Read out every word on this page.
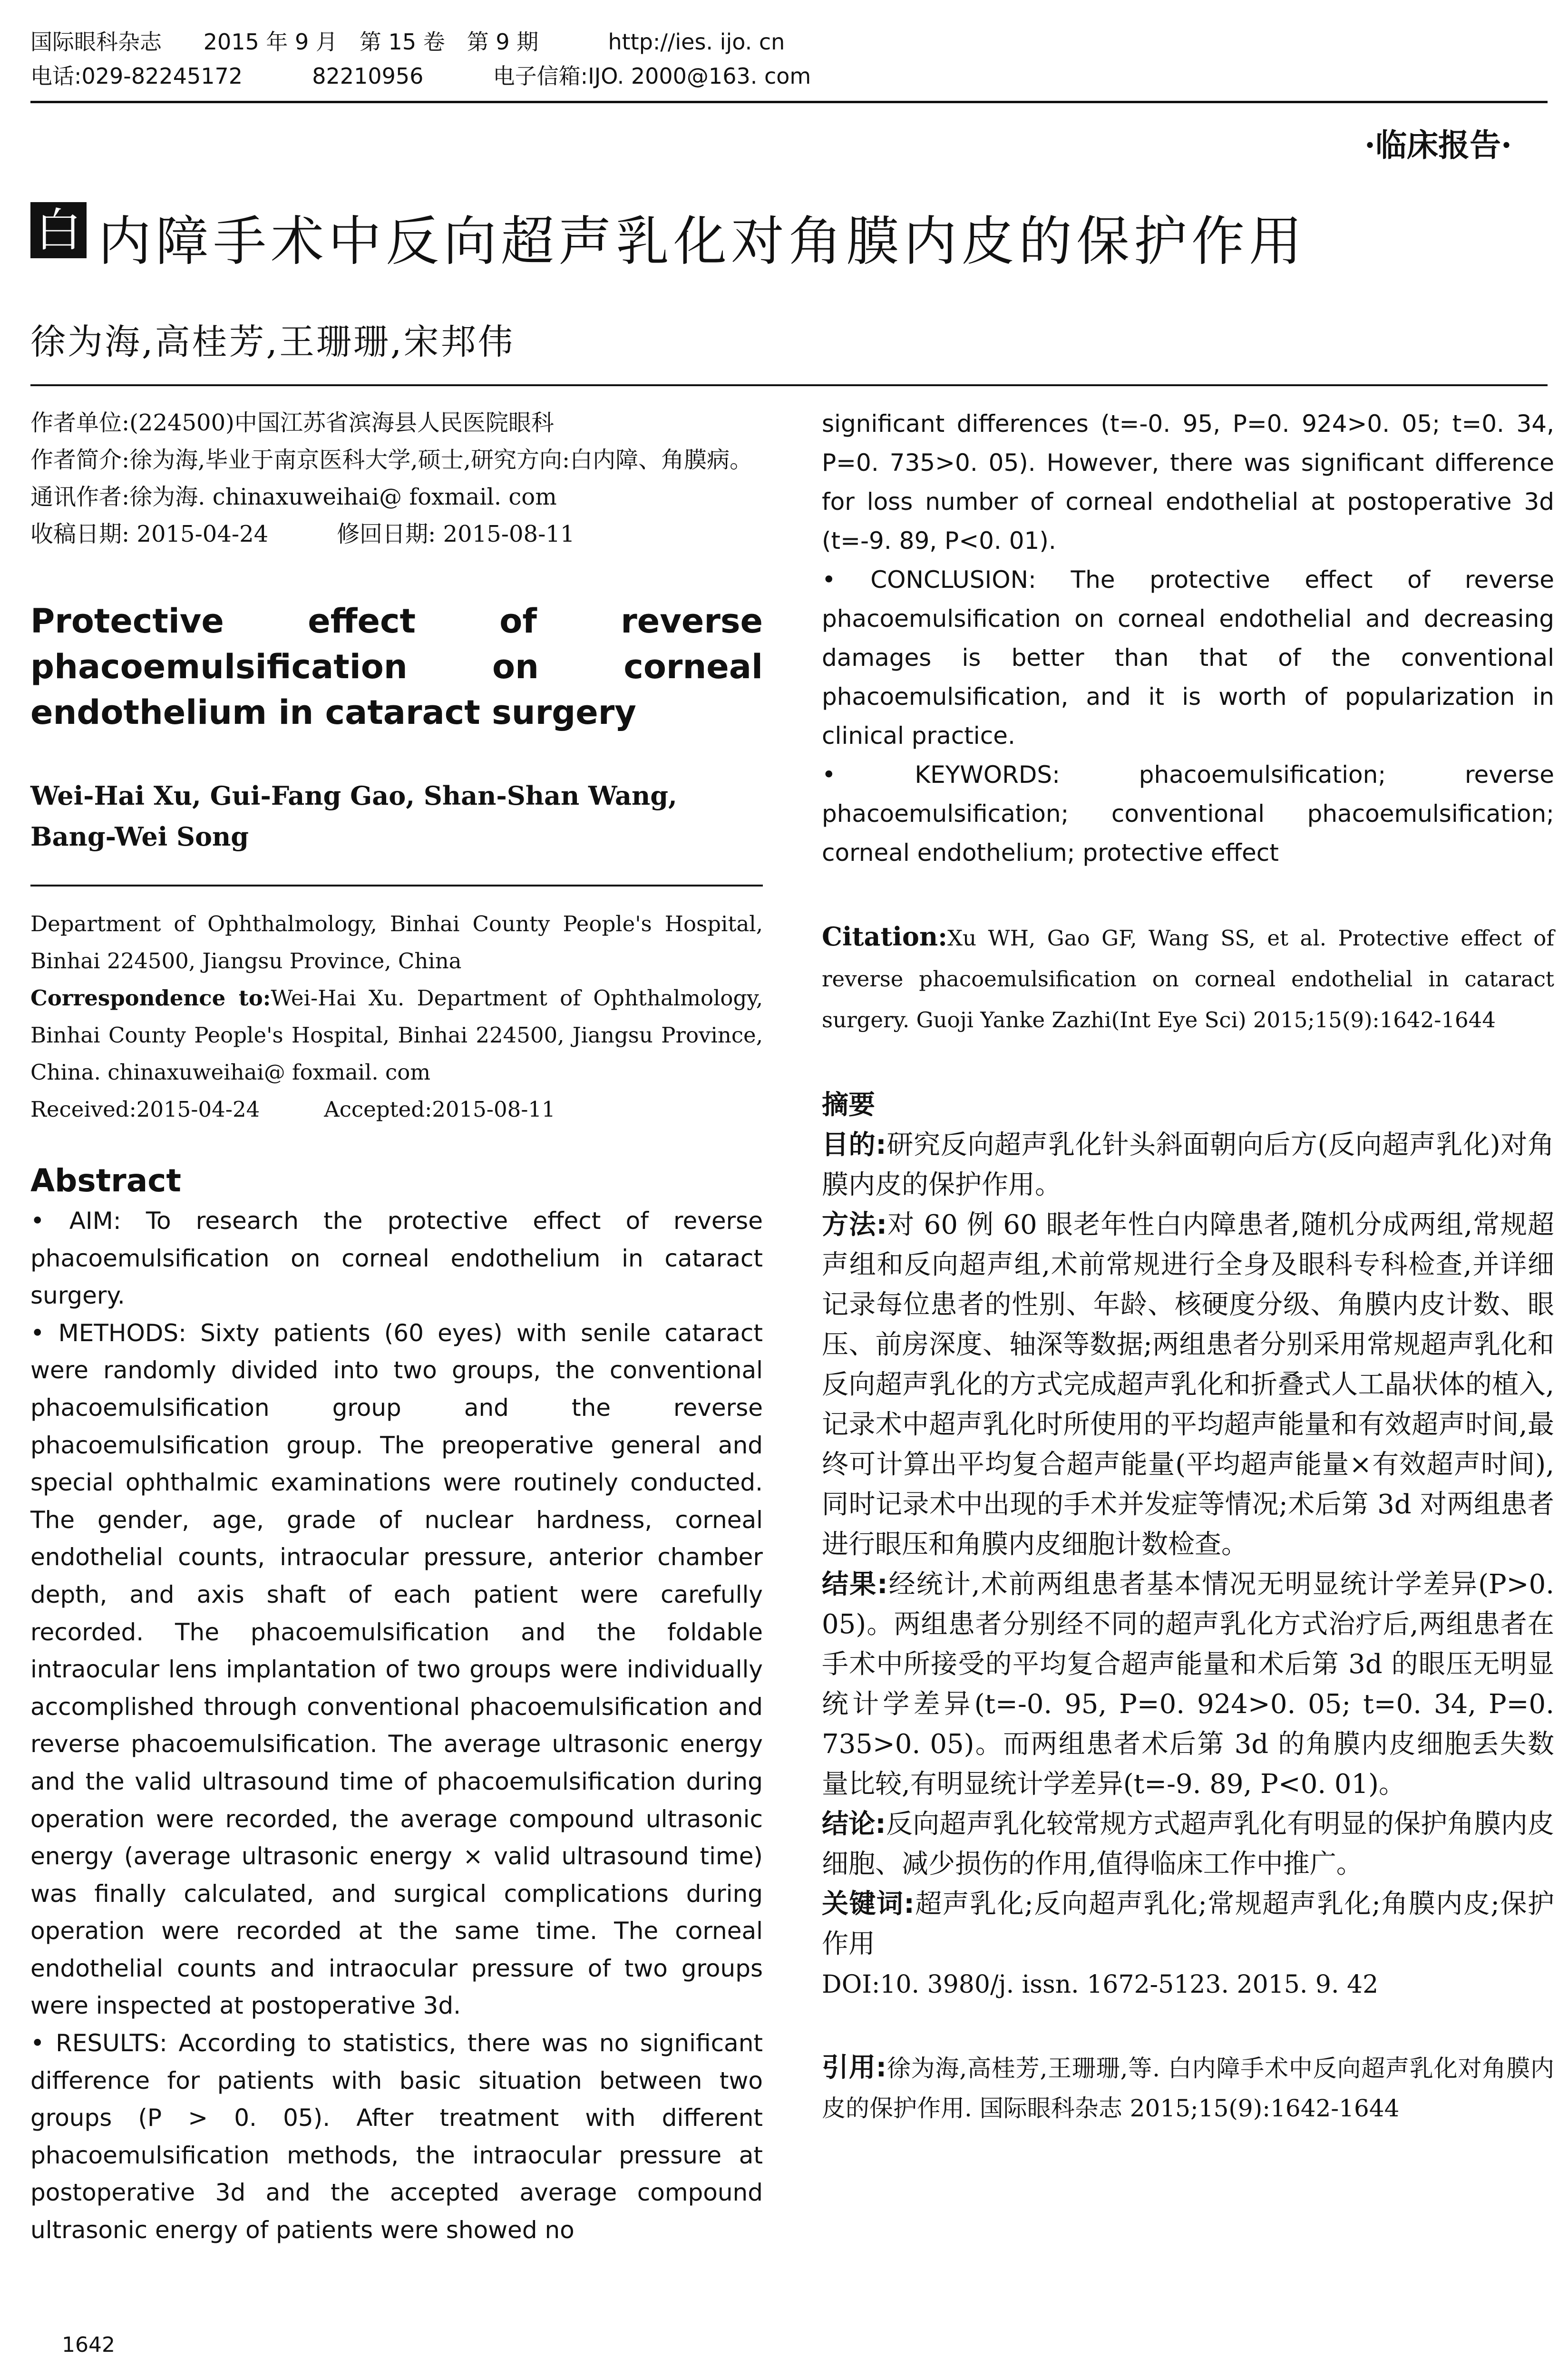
国际眼科杂志 2015 年 9 月　第 15 卷　第 9 期	http://ies. ijo. cn
电话:029-82245172	82210956	电子信箱:IJO. 2000@163. com
·临床报告·
白 内障手术中反向超声乳化对角膜内皮的保护作用
徐为海,高桂芳,王珊珊,宋邦伟

作者单位:(224500)中国江苏省滨海县人民医院眼科

作者简介:徐为海,毕业于南京医科大学,硕士,研究方向:白内障、角膜病。

通讯作者:徐为海. chinaxuweihai@ foxmail. com

收稿日期: 2015-04-24　　　修回日期: 2015-08-11

Protective effect of reverse phacoemulsification on corneal endothelium in cataract surgery

Wei-Hai Xu, Gui-Fang Gao, Shan-Shan Wang, Bang-Wei Song

Department of Ophthalmology, Binhai County People's Hospital, Binhai 224500, Jiangsu Province, China

Correspondence to:Wei-Hai Xu. Department of Ophthalmology, Binhai County People's Hospital, Binhai 224500, Jiangsu Province, China. chinaxuweihai@ foxmail. com

Received:2015-04-24　　　Accepted:2015-08-11

Abstract

• AIM: To research the protective effect of reverse phacoemulsification on corneal endothelium in cataract surgery.

• METHODS: Sixty patients (60 eyes) with senile cataract were randomly divided into two groups, the conventional phacoemulsification group and the reverse phacoemulsification group. The preoperative general and special ophthalmic examinations were routinely conducted. The gender, age, grade of nuclear hardness, corneal endothelial counts, intraocular pressure, anterior chamber depth, and axis shaft of each patient were carefully recorded. The phacoemulsification and the foldable intraocular lens implantation of two groups were individually accomplished through conventional phacoemulsification and reverse phacoemulsification. The average ultrasonic energy and the valid ultrasound time of phacoemulsification during operation were recorded, the average compound ultrasonic energy (average ultrasonic energy × valid ultrasound time) was finally calculated, and surgical complications during operation were recorded at the same time. The corneal endothelial counts and intraocular pressure of two groups were inspected at postoperative 3d.

• RESULTS: According to statistics, there was no significant difference for patients with basic situation between two groups (P > 0. 05). After treatment with different phacoemulsification methods, the intraocular pressure at postoperative 3d and the accepted average compound ultrasonic energy of patients were showed no

significant differences (t=-0. 95, P=0. 924>0. 05; t=0. 34, P=0. 735>0. 05). However, there was significant difference for loss number of corneal endothelial at postoperative 3d (t=-9. 89, P<0. 01).

• CONCLUSION: The protective effect of reverse phacoemulsification on corneal endothelial and decreasing damages is better than that of the conventional phacoemulsification, and it is worth of popularization in clinical practice.

• KEYWORDS: phacoemulsification; reverse phacoemulsification; conventional phacoemulsification; corneal endothelium; protective effect

Citation:Xu WH, Gao GF, Wang SS, et al. Protective effect of reverse phacoemulsification on corneal endothelial in cataract surgery. Guoji Yanke Zazhi(Int Eye Sci) 2015;15(9):1642-1644

摘要

目的:研究反向超声乳化针头斜面朝向后方(反向超声乳化)对角膜内皮的保护作用。

方法:对 60 例 60 眼老年性白内障患者,随机分成两组,常规超声组和反向超声组,术前常规进行全身及眼科专科检查,并详细记录每位患者的性别、年龄、核硬度分级、角膜内皮计数、眼压、前房深度、轴深等数据;两组患者分别采用常规超声乳化和反向超声乳化的方式完成超声乳化和折叠式人工晶状体的植入,记录术中超声乳化时所使用的平均超声能量和有效超声时间,最终可计算出平均复合超声能量(平均超声能量×有效超声时间),同时记录术中出现的手术并发症等情况;术后第 3d 对两组患者进行眼压和角膜内皮细胞计数检查。

结果:经统计,术前两组患者基本情况无明显统计学差异(P>0. 05)。两组患者分别经不同的超声乳化方式治疗后,两组患者在手术中所接受的平均复合超声能量和术后第 3d 的眼压无明显统计学差异(t=-0. 95, P=0. 924>0. 05; t=0. 34, P=0. 735>0. 05)。而两组患者术后第 3d 的角膜内皮细胞丢失数量比较,有明显统计学差异(t=-9. 89, P<0. 01)。

结论:反向超声乳化较常规方式超声乳化有明显的保护角膜内皮细胞、减少损伤的作用,值得临床工作中推广。

关键词:超声乳化;反向超声乳化;常规超声乳化;角膜内皮;保护作用

DOI:10. 3980/j. issn. 1672-5123. 2015. 9. 42

引用:徐为海,高桂芳,王珊珊,等. 白内障手术中反向超声乳化对角膜内皮的保护作用. 国际眼科杂志 2015;15(9):1642-1644

1642
